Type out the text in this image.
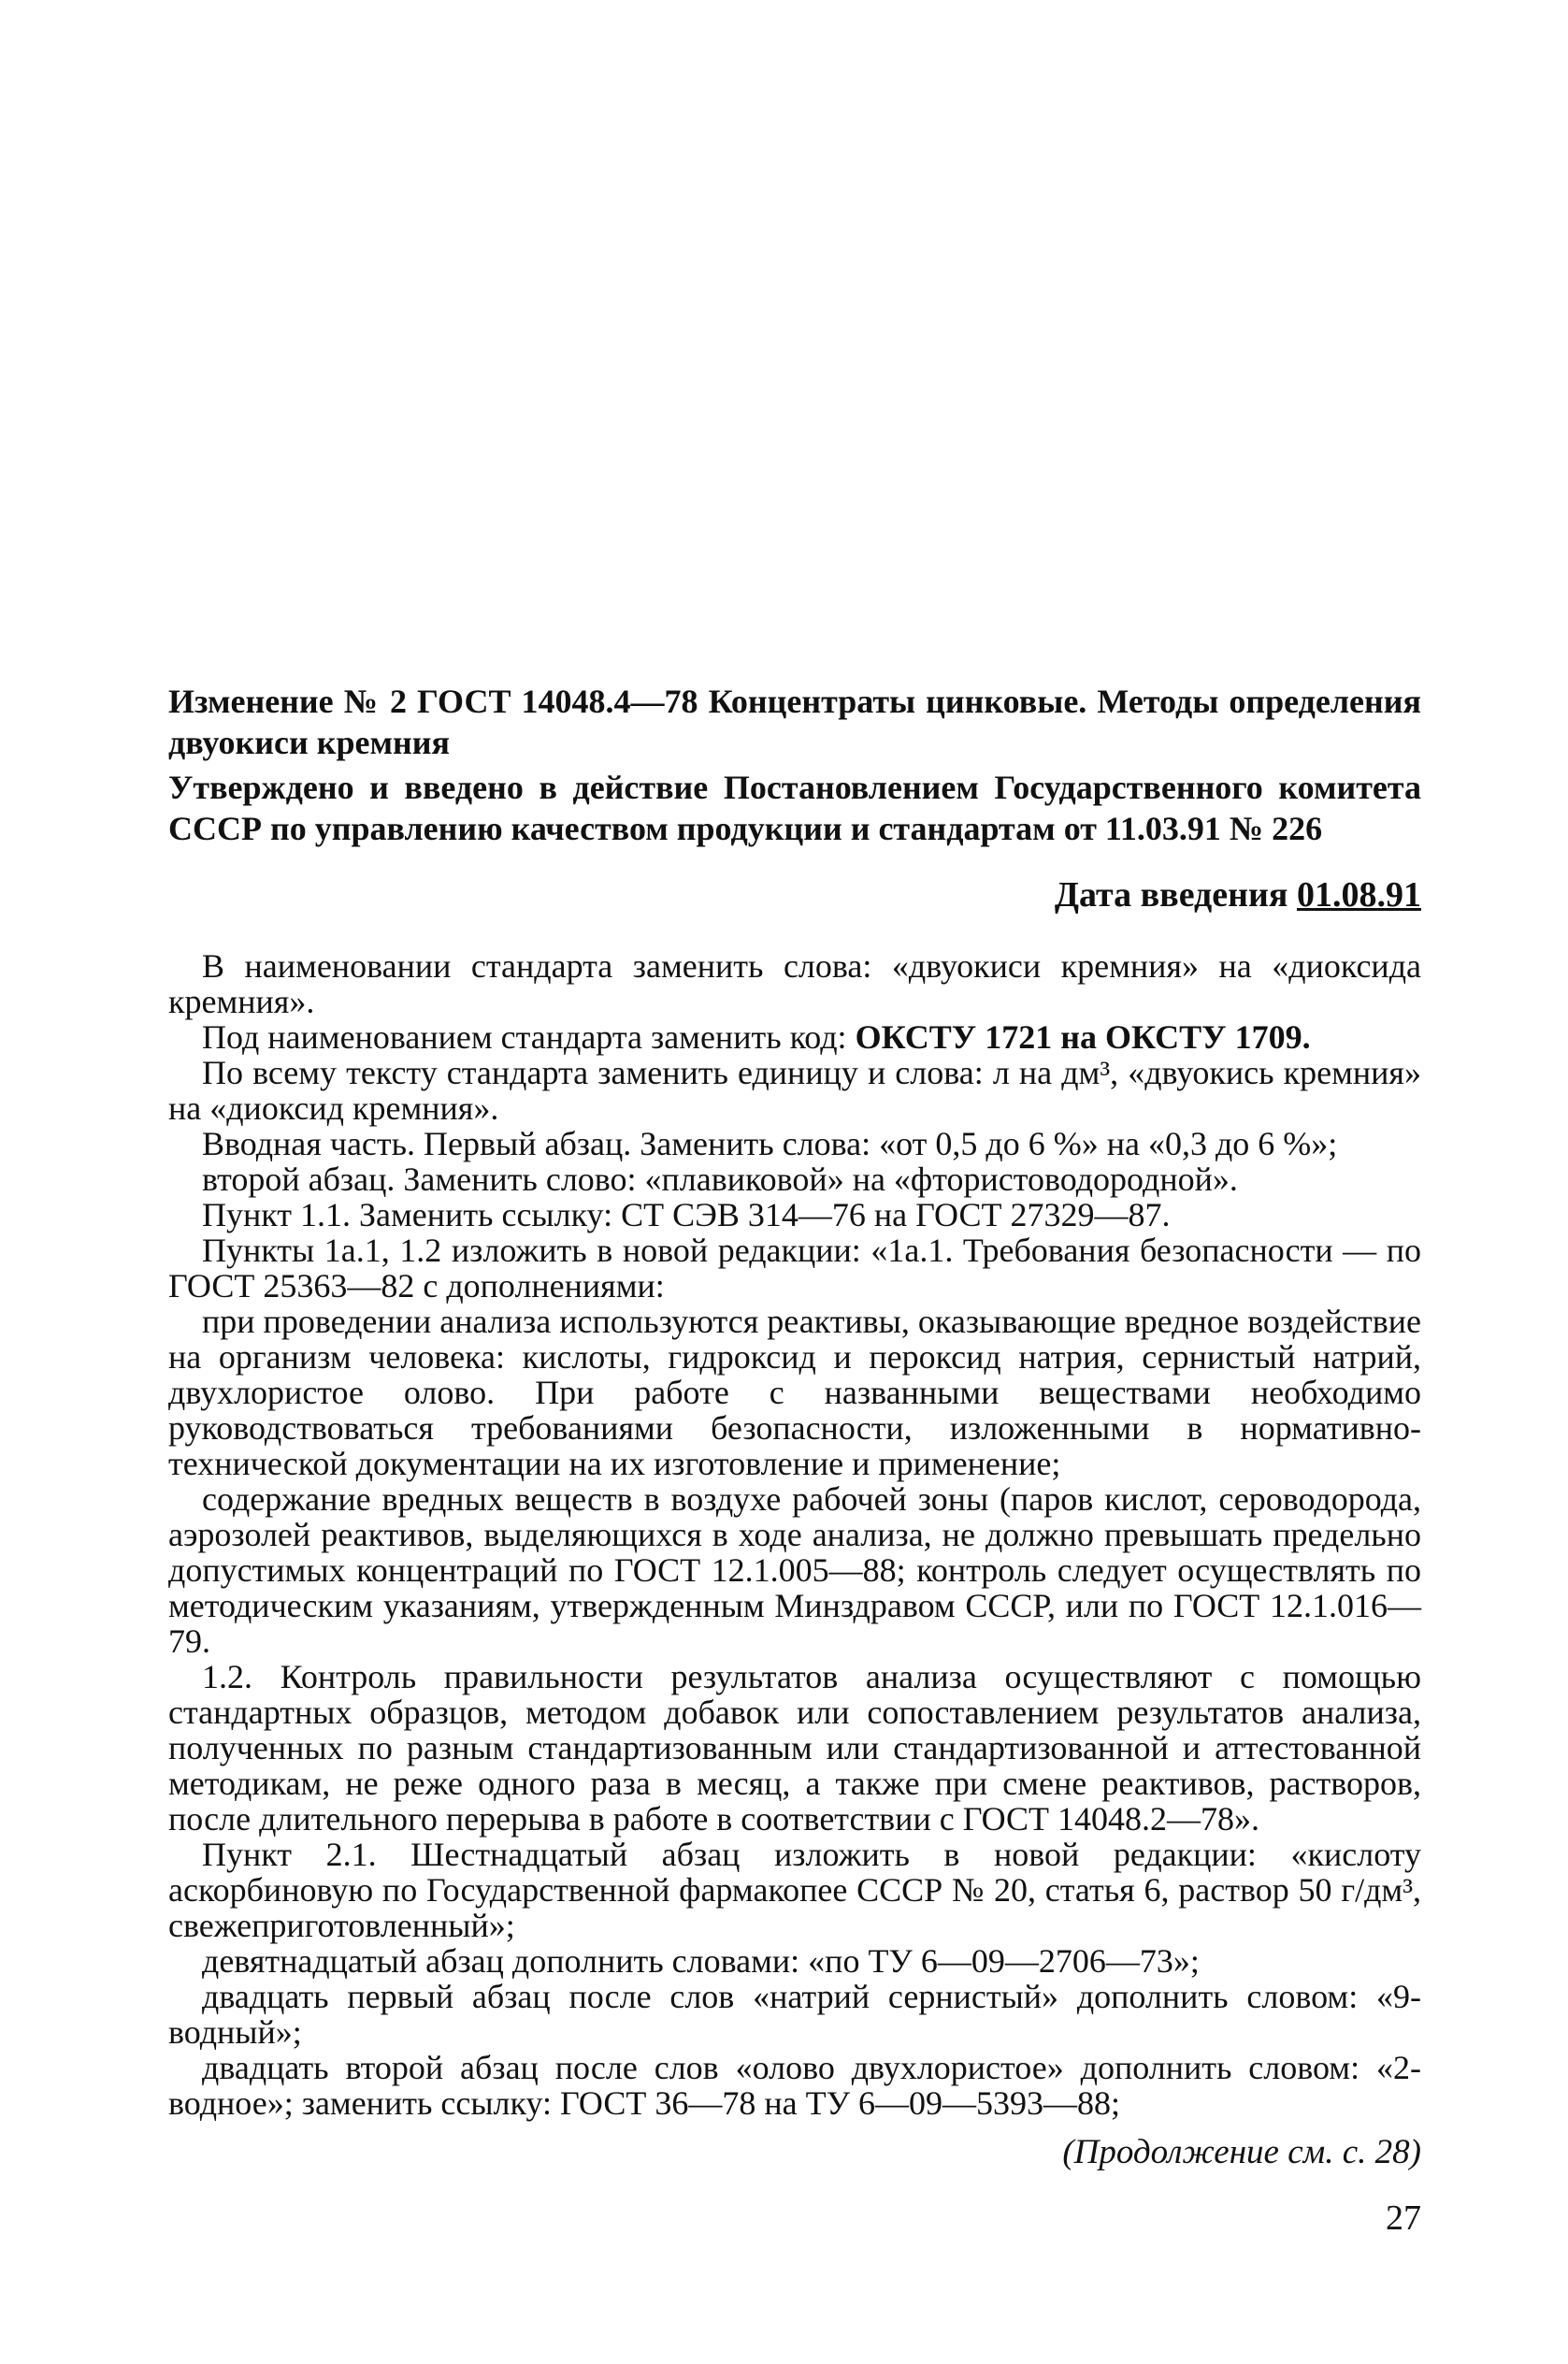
Изменение № 2 ГОСТ 14048.4—78 Концентраты цинковые. Методы определения двуокиси кремния
Утверждено и введено в действие Постановлением Государственного комитета СССР по управлению качеством продукции и стандартам от 11.03.91 № 226
Дата введения 01.08.91

В наименовании стандарта заменить слова: «двуокиси кремния» на «диоксида кремния».

Под наименованием стандарта заменить код: ОКСТУ 1721 на ОКСТУ 1709.

По всему тексту стандарта заменить единицу и слова: л на дм³, «двуокись кремния» на «диоксид кремния».

Вводная часть. Первый абзац. Заменить слова: «от 0,5 до 6 %» на «0,3 до 6 %»;

второй абзац. Заменить слово: «плавиковой» на «фтористоводородной».

Пункт 1.1. Заменить ссылку: СТ СЭВ 314—76 на ГОСТ 27329—87.

Пункты 1а.1, 1.2 изложить в новой редакции: «1а.1. Требования безопасности — по ГОСТ 25363—82 с дополнениями:

при проведении анализа используются реактивы, оказывающие вредное воздействие на организм человека: кислоты, гидроксид и пероксид натрия, сернистый натрий, двухлористое олово. При работе с названными веществами необходимо руководствоваться требованиями безопасности, изложенными в нормативно-технической документации на их изготовление и применение;

содержание вредных веществ в воздухе рабочей зоны (паров кислот, сероводорода, аэрозолей реактивов, выделяющихся в ходе анализа, не должно превышать предельно допустимых концентраций по ГОСТ 12.1.005—88; контроль следует осуществлять по методическим указаниям, утвержденным Минздравом СССР, или по ГОСТ 12.1.016—79.

1.2. Контроль правильности результатов анализа осуществляют с помощью стандартных образцов, методом добавок или сопоставлением результатов анализа, полученных по разным стандартизованным или стандартизованной и аттестованной методикам, не реже одного раза в месяц, а также при смене реактивов, растворов, после длительного перерыва в работе в соответствии с ГОСТ 14048.2—78».

Пункт 2.1. Шестнадцатый абзац изложить в новой редакции: «кислоту аскорбиновую по Государственной фармакопее СССР № 20, статья 6, раствор 50 г/дм³, свежеприготовленный»;

девятнадцатый абзац дополнить словами: «по ТУ 6—09—2706—73»;

двадцать первый абзац после слов «натрий сернистый» дополнить словом: «9-водный»;

двадцать второй абзац после слов «олово двухлористое» дополнить словом: «2-водное»; заменить ссылку: ГОСТ 36—78 на ТУ 6—09—5393—88;

(Продолжение см. с. 28)
27
